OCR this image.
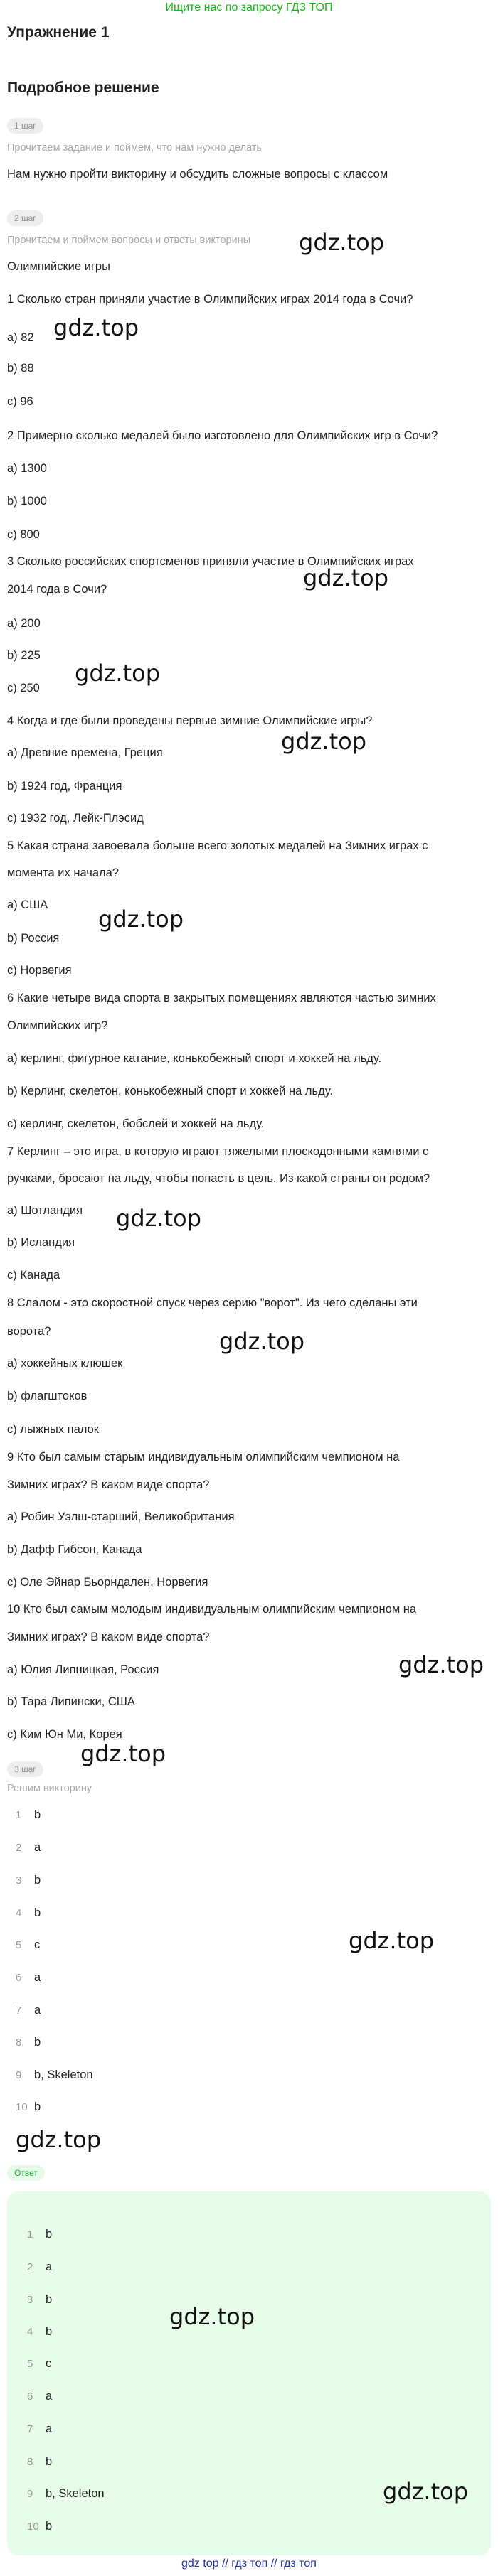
Ищите нас по запросу ГДЗ ТОП
Упражнение 1
Подробное решение
1 шаг
Прочитаем задание и поймем, что нам нужно делать
Нам нужно пройти викторину и обсудить сложные вопросы с классом
2 шаг
Прочитаем и поймем вопросы и ответы викторины
Олимпийские игры
1 Сколько стран приняли участие в Олимпийских играх 2014 года в Сочи?
a) 82
b) 88
c) 96
2 Примерно сколько медалей было изготовлено для Олимпийских игр в Сочи?
a) 1300
b) 1000
c) 800
3 Сколько российских спортсменов приняли участие в Олимпийских играх
2014 года в Сочи?
a) 200
b) 225
c) 250
4 Когда и где были проведены первые зимние Олимпийские игры?
a) Древние времена, Греция
b) 1924 год, Франция
c) 1932 год, Лейк-Плэсид
5 Какая страна завоевала больше всего золотых медалей на Зимних играх с
момента их начала?
a) США
b) Россия
c) Норвегия
6 Какие четыре вида спорта в закрытых помещениях являются частью зимних
Олимпийских игр?
a) керлинг, фигурное катание, конькобежный спорт и хоккей на льду.
b) Керлинг, скелетон, конькобежный спорт и хоккей на льду.
c) керлинг, скелетон, бобслей и хоккей на льду.
7 Керлинг – это игра, в которую играют тяжелыми плоскодонными камнями с
ручками, бросают на льду, чтобы попасть в цель. Из какой страны он родом?
a) Шотландия
b) Исландия
c) Канада
8 Слалом - это скоростной спуск через серию "ворот". Из чего сделаны эти
ворота?
a) хоккейных клюшек
b) флагштоков
c) лыжных палок
9 Кто был самым старым индивидуальным олимпийским чемпионом на
Зимних играх? В каком виде спорта?
a) Робин Уэлш-старший, Великобритания
b) Дафф Гибсон, Канада
c) Оле Эйнар Бьорндален, Норвегия
10 Кто был самым молодым индивидуальным олимпийским чемпионом на
Зимних играх? В каком виде спорта?
a) Юлия Липницкая, Россия
b) Тара Липински, США
c) Ким Юн Ми, Корея
3 шаг
Решим викторину
1 b
2 a
3 b
4 b
5 c
6 a
7 a
8 b
9 b, Skeleton
10 b
Ответ
1 b
2 a
3 b
4 b
5 c
6 a
7 a
8 b
9 b, Skeleton
10 b
gdz.top
gdz.top
gdz.top
gdz.top
gdz.top
gdz.top
gdz.top
gdz.top
gdz.top
gdz.top
gdz.top
gdz.top
gdz.top
gdz.top
gdz top // гдз топ // гдз топ
